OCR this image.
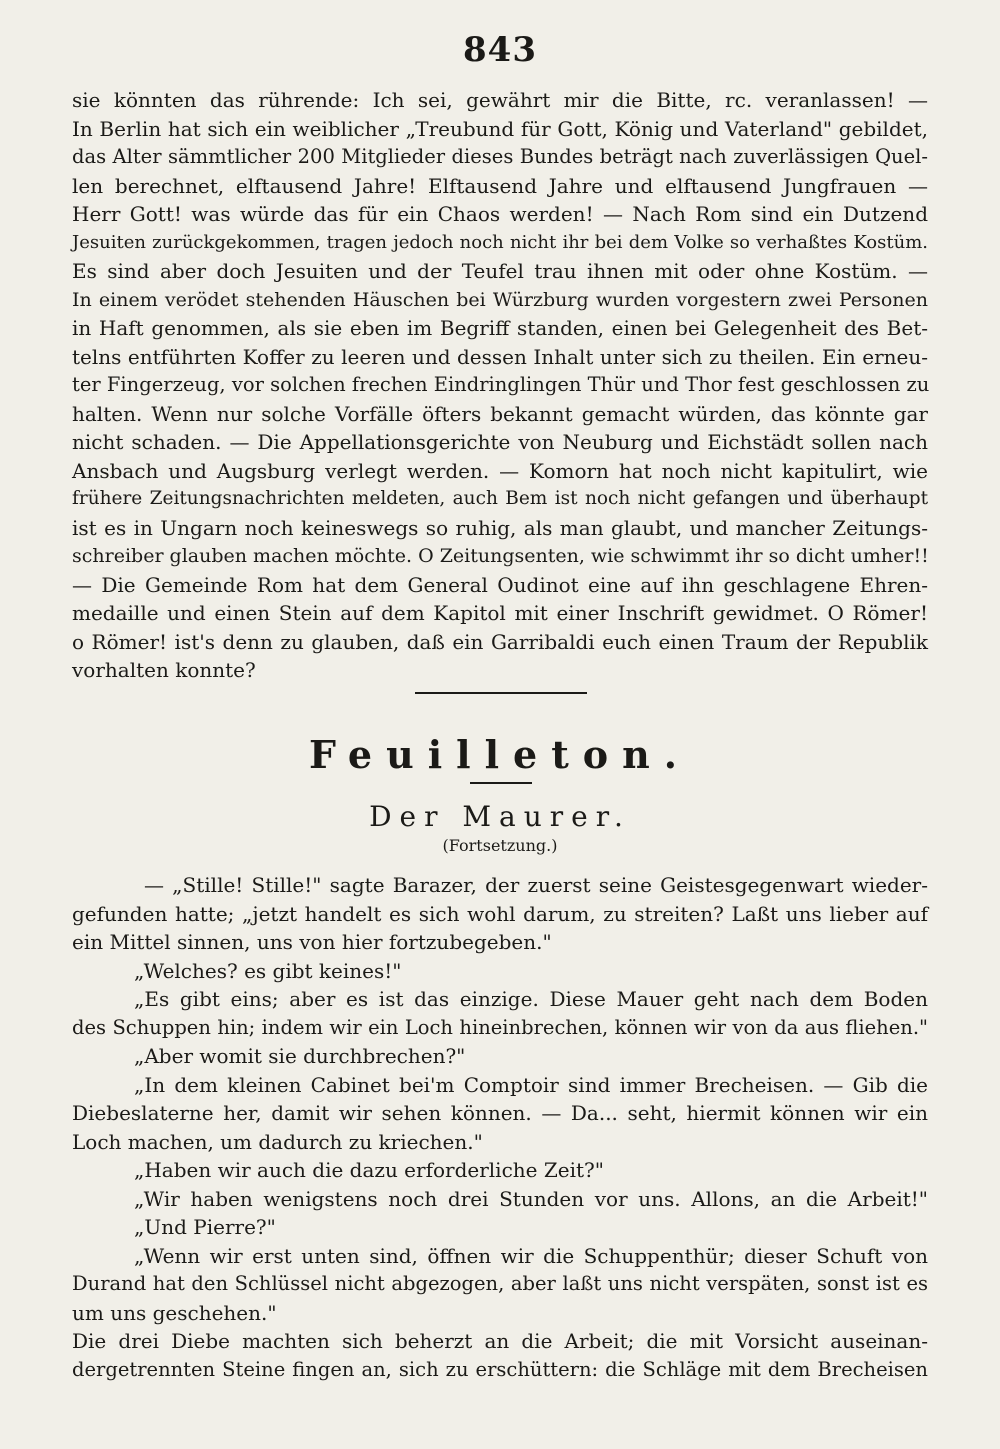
843
sie könnten das rührende: Ich sei, gewährt mir die Bitte, rc. veranlassen! —
In Berlin hat sich ein weiblicher „Treubund für Gott, König und Vaterland" gebildet,
das Alter sämmtlicher 200 Mitglieder dieses Bundes beträgt nach zuverlässigen Quel-
len berechnet, elftausend Jahre! Elftausend Jahre und elftausend Jungfrauen —
Herr Gott! was würde das für ein Chaos werden! — Nach Rom sind ein Dutzend
Jesuiten zurückgekommen, tragen jedoch noch nicht ihr bei dem Volke so verhaßtes Kostüm.
Es sind aber doch Jesuiten und der Teufel trau ihnen mit oder ohne Kostüm. —
In einem verödet stehenden Häuschen bei Würzburg wurden vorgestern zwei Personen
in Haft genommen, als sie eben im Begriff standen, einen bei Gelegenheit des Bet-
telns entführten Koffer zu leeren und dessen Inhalt unter sich zu theilen. Ein erneu-
ter Fingerzeug, vor solchen frechen Eindringlingen Thür und Thor fest geschlossen zu
halten. Wenn nur solche Vorfälle öfters bekannt gemacht würden, das könnte gar
nicht schaden. — Die Appellationsgerichte von Neuburg und Eichstädt sollen nach
Ansbach und Augsburg verlegt werden. — Komorn hat noch nicht kapitulirt, wie
frühere Zeitungsnachrichten meldeten, auch Bem ist noch nicht gefangen und überhaupt
ist es in Ungarn noch keineswegs so ruhig, als man glaubt, und mancher Zeitungs-
schreiber glauben machen möchte. O Zeitungsenten, wie schwimmt ihr so dicht umher!!
— Die Gemeinde Rom hat dem General Oudinot eine auf ihn geschlagene Ehren-
medaille und einen Stein auf dem Kapitol mit einer Inschrift gewidmet. O Römer!
o Römer! ist's denn zu glauben, daß ein Garribaldi euch einen Traum der Republik
vorhalten konnte?
Feuilleton.
Der Maurer.
(Fortsetzung.)
— „Stille! Stille!" sagte Barazer, der zuerst seine Geistesgegenwart wieder-
gefunden hatte; „jetzt handelt es sich wohl darum, zu streiten? Laßt uns lieber auf
ein Mittel sinnen, uns von hier fortzubegeben."
„Welches? es gibt keines!"
„Es gibt eins; aber es ist das einzige. Diese Mauer geht nach dem Boden
des Schuppen hin; indem wir ein Loch hineinbrechen, können wir von da aus fliehen."
„Aber womit sie durchbrechen?"
„In dem kleinen Cabinet bei'm Comptoir sind immer Brecheisen. — Gib die
Diebeslaterne her, damit wir sehen können. — Da... seht, hiermit können wir ein
Loch machen, um dadurch zu kriechen."
„Haben wir auch die dazu erforderliche Zeit?"
„Wir haben wenigstens noch drei Stunden vor uns. Allons, an die Arbeit!"
„Und Pierre?"
„Wenn wir erst unten sind, öffnen wir die Schuppenthür; dieser Schuft von
Durand hat den Schlüssel nicht abgezogen, aber laßt uns nicht verspäten, sonst ist es
um uns geschehen."
Die drei Diebe machten sich beherzt an die Arbeit; die mit Vorsicht auseinan-
dergetrennten Steine fingen an, sich zu erschüttern: die Schläge mit dem Brecheisen
